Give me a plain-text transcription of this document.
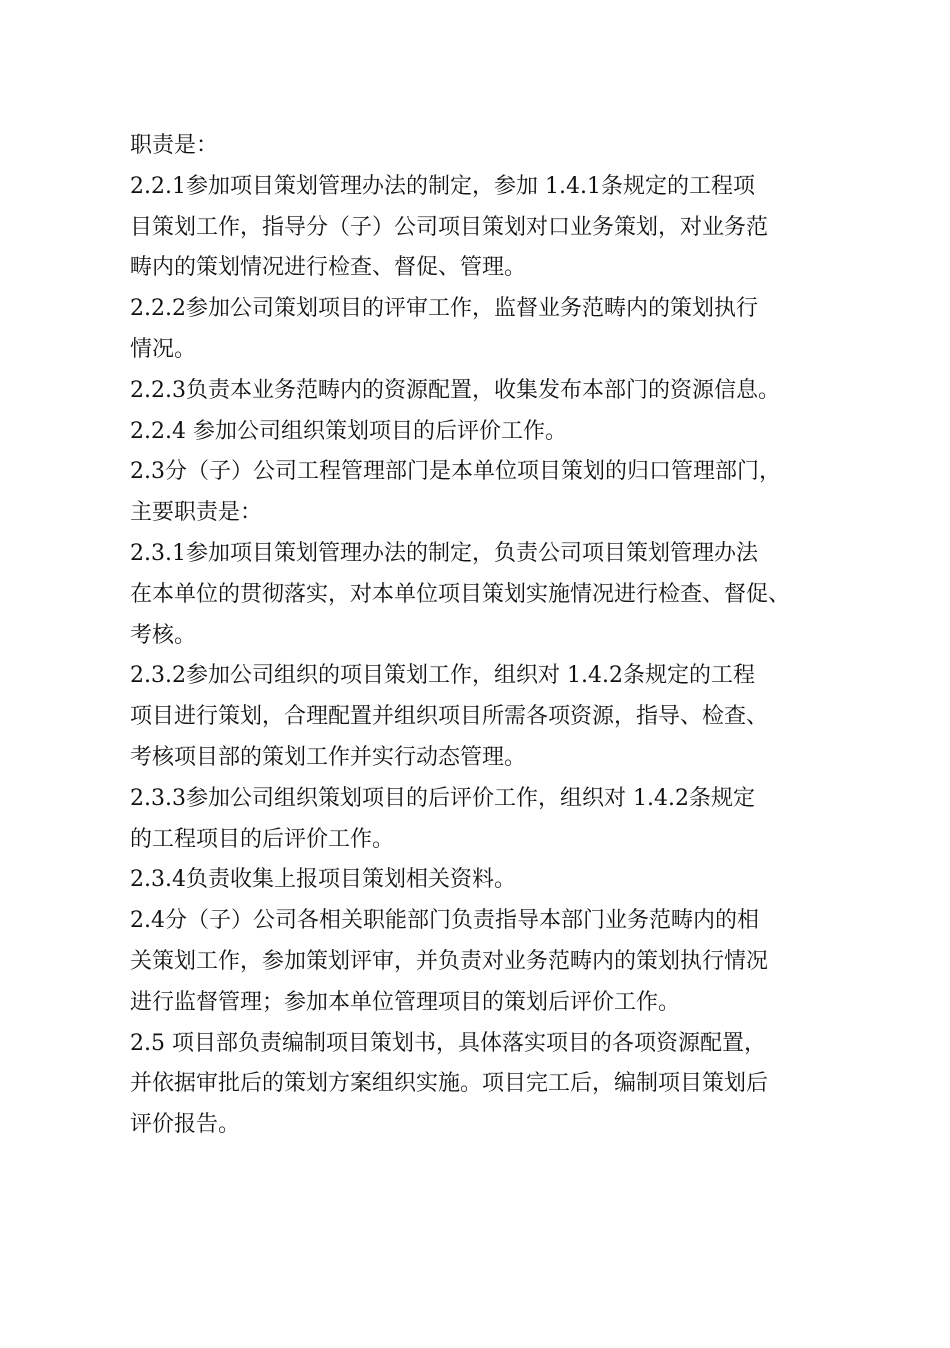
职责是：
2.2.1参加项目策划管理办法的制定，参加 1.4.1条规定的工程项
目策划工作，指导分（子）公司项目策划对口业务策划，对业务范
畴内的策划情况进行检查、督促、管理。
2.2.2参加公司策划项目的评审工作，监督业务范畴内的策划执行
情况。
2.2.3负责本业务范畴内的资源配置，收集发布本部门的资源信息。
2.2.4 参加公司组织策划项目的后评价工作。
2.3分（子）公司工程管理部门是本单位项目策划的归口管理部门，
主要职责是：
2.3.1参加项目策划管理办法的制定，负责公司项目策划管理办法
在本单位的贯彻落实，对本单位项目策划实施情况进行检查、督促、
考核。
2.3.2参加公司组织的项目策划工作，组织对 1.4.2条规定的工程
项目进行策划，合理配置并组织项目所需各项资源，指导、检查、
考核项目部的策划工作并实行动态管理。
2.3.3参加公司组织策划项目的后评价工作，组织对 1.4.2条规定
的工程项目的后评价工作。
2.3.4负责收集上报项目策划相关资料。
2.4分（子）公司各相关职能部门负责指导本部门业务范畴内的相
关策划工作，参加策划评审，并负责对业务范畴内的策划执行情况
进行监督管理；参加本单位管理项目的策划后评价工作。
2.5 项目部负责编制项目策划书，具体落实项目的各项资源配置，
并依据审批后的策划方案组织实施。项目完工后，编制项目策划后
评价报告。
